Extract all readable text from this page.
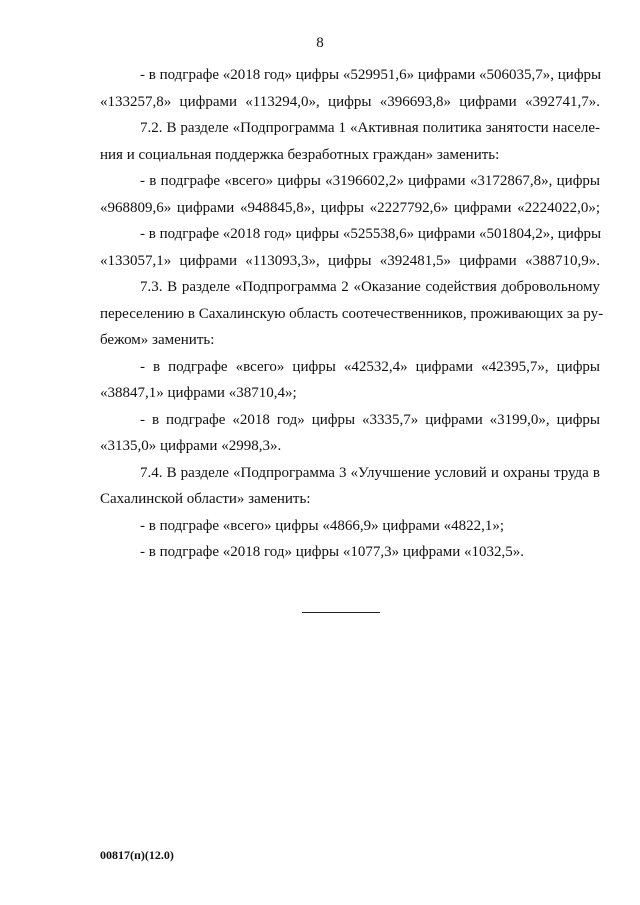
8
- в подграфе «2018 год» цифры «529951,6» цифрами «506035,7», цифры
«133257,8» цифрами «113294,0», цифры «396693,8» цифрами «392741,7».
7.2. В разделе «Подпрограмма 1 «Активная политика занятости населе-
ния и социальная поддержка безработных граждан» заменить:
- в подграфе «всего» цифры «3196602,2» цифрами «3172867,8», цифры
«968809,6» цифрами «948845,8», цифры «2227792,6» цифрами «2224022,0»;
- в подграфе «2018 год» цифры «525538,6» цифрами «501804,2», цифры
«133057,1» цифрами «113093,3», цифры «392481,5» цифрами «388710,9».
7.3. В разделе «Подпрограмма 2 «Оказание содействия добровольному
переселению в Сахалинскую область соотечественников, проживающих за ру-
бежом» заменить:
- в подграфе «всего» цифры «42532,4» цифрами «42395,7», цифры
«38847,1» цифрами «38710,4»;
- в подграфе «2018 год» цифры «3335,7» цифрами «3199,0», цифры
«3135,0» цифрами «2998,3».
7.4. В разделе «Подпрограмма 3 «Улучшение условий и охраны труда в
Сахалинской области» заменить:
- в подграфе «всего» цифры «4866,9» цифрами «4822,1»;
- в подграфе «2018 год» цифры «1077,3» цифрами «1032,5».
00817(п)(12.0)
